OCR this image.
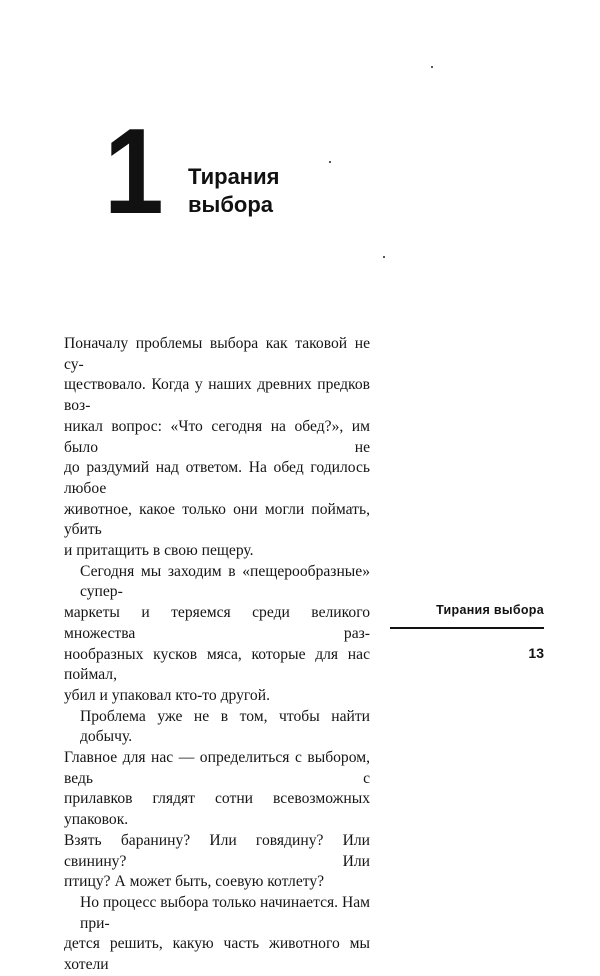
1 Тирания
выбора
Поначалу проблемы выбора как таковой не су-
ществовало. Когда у наших древних предков воз-
никал вопрос: «Что сегодня на обед?», им было не
до раздумий над ответом. На обед годилось любое
животное, какое только они могли поймать, убить
и притащить в свою пещеру.
Сегодня мы заходим в «пещерообразные» супер-
маркеты и теряемся среди великого множества раз-
нообразных кусков мяса, которые для нас поймал,
убил и упаковал кто-то другой.
Проблема уже не в том, чтобы найти добычу.
Главное для нас — определиться с выбором, ведь с
прилавков глядят сотни всевозможных упаковок.
Взять баранину? Или говядину? Или свинину? Или
птицу? А может быть, соевую котлету?
Но процесс выбора только начинается. Нам при-
дется решить, какую часть животного мы хотели
Тирания выбора
13
